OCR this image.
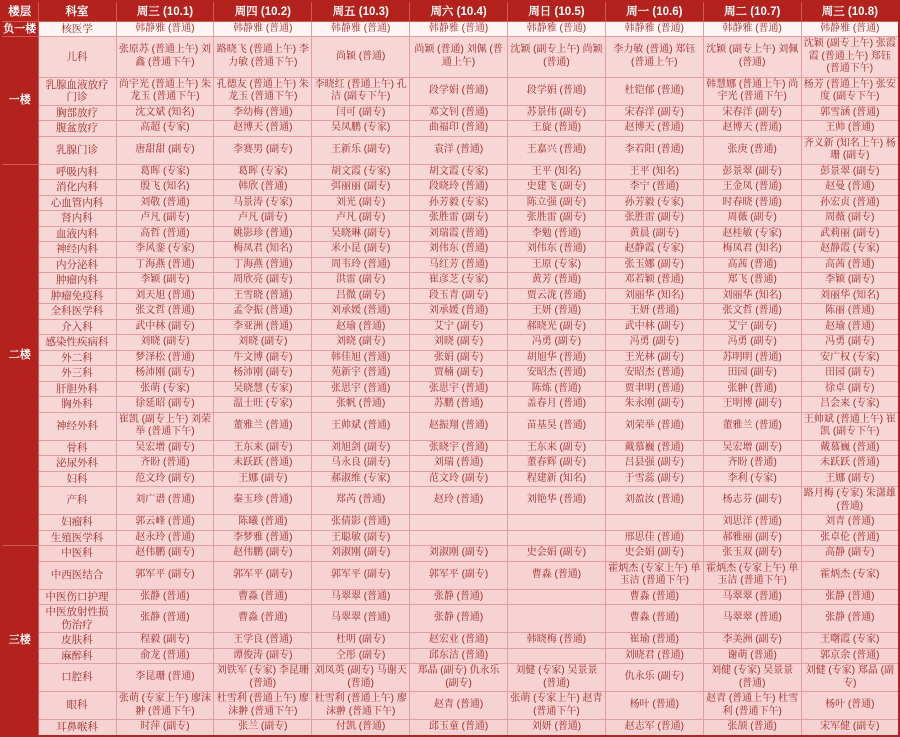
楼层	科室	周三 (10.1)	周四 (10.2)	周五 (10.3)	周六 (10.4)	周日 (10.5)	周一 (10.6)	周二 (10.7)	周三 (10.8)
负一楼	核医学	韩静雅 (普通)	韩静雅 (普通)	韩静雅 (普通)	韩静雅 (普通)	韩静雅 (普通)	韩静雅 (普通)	韩静雅 (普通)	韩静雅 (普通)
一楼	儿科	张原苏 (普通上午) 刘鑫 (普通下午)	路晓飞 (普通上午) 李力敏 (普通下午)	尚颖 (普通)	尚颖 (普通) 刘佩 (普通上午)	沈颖 (副专上午) 尚颖 (普通)	李力敏 (普通) 郑钰 (普通上午)	沈颖 (副专上午) 刘佩 (普通)	沈颖 (副专上午) 张霞霞 (普通上午) 郑钰 (普通下午)
	乳腺血液放疗门诊	尚宇光 (普通上午) 朱龙玉 (普通下午)	孔德友 (普通上午) 朱龙玉 (普通下午)	李晓红 (普通上午) 孔洁 (副专下午)	段学娟 (普通)	段学娟 (普通)	杜铠郁 (普通)	韩慧娜 (普通上午) 尚宇光 (普通下午)	杨芳 (普通上午) 张安度 (副专下午)
	胸部放疗	沈文斌 (知名)	李幼梅 (普通)	闫可 (副专)	邓文钊 (普通)	苏景伟 (副专)	宋春洋 (副专)	宋春洋 (副专)	郭雪涵 (普通)
	腹盆放疗	高超 (专家)	赵博天 (普通)	吴凤鹏 (专家)	曲福印 (普通)	王旋 (普通)	赵博天 (普通)	赵博天 (普通)	王帅 (普通)
	乳腺门诊	唐甜甜 (副专)	李赛男 (副专)	王新乐 (副专)	袁洋 (普通)	王嘉兴 (普通)	李若阳 (普通)	张庚 (普通)	齐义新 (知名上午) 杨珊 (副专)
二楼	呼吸内科	葛晖 (专家)	葛晖 (专家)	胡文霞 (专家)	胡文霞 (专家)	王平 (知名)	王平 (知名)	彭景翠 (副专)	彭景翠 (副专)
	消化内科	殷飞 (知名)	韩欣 (普通)	弭丽丽 (副专)	段晓玲 (普通)	史建飞 (副专)	李宁 (普通)	王金凤 (普通)	赵曼 (普通)
	心血管内科	刘敬 (普通)	马景涛 (专家)	刘光 (副专)	孙芳毅 (专家)	陈立强 (副专)	孙芳毅 (专家)	时春晓 (普通)	孙宏贞 (普通)
	肾内科	卢凡 (副专)	卢凡 (副专)	卢凡 (副专)	张胜雷 (副专)	张胜雷 (副专)	张胜雷 (副专)	周薇 (副专)	周薇 (副专)
	血液内科	高哲 (普通)	姚影珍 (普通)	吴晓琳 (副专)	刘瑞霞 (普通)	李勉 (普通)	黄晨 (副专)	赵桂敏 (专家)	武莉丽 (副专)
	神经内科	李风銮 (专家)	梅凤君 (知名)	米小昆 (副专)	刘伟东 (普通)	刘伟东 (普通)	赵静霞 (专家)	梅凤君 (知名)	赵静霞 (专家)
	内分泌科	丁海燕 (普通)	丁海燕 (普通)	周韦玲 (普通)	马红芳 (普通)	王原 (专家)	张玉娜 (副专)	高茜 (普通)	高茜 (普通)
	肿瘤内科	李颖 (副专)	周欣亮 (副专)	洪雷 (副专)	崔彦芝 (专家)	黄芳 (普通)	邓若颖 (普通)	郑飞 (普通)	李颖 (副专)
	肿瘤免疫科	刘天旭 (普通)	王雪晓 (普通)	吕微 (副专)	段玉青 (副专)	贾云泷 (普通)	刘丽华 (知名)	刘丽华 (知名)	刘丽华 (知名)
	全科医学科	张文哲 (普通)	孟令振 (普通)	刘承媛 (普通)	刘承媛 (普通)	王妍 (普通)	王妍 (普通)	张文哲 (普通)	陈丽 (普通)
	介入科	武中林 (副专)	李亚洲 (普通)	赵瑜 (普通)	艾宁 (副专)	郝晓光 (副专)	武中林 (副专)	艾宁 (副专)	赵瑜 (普通)
	感染性疾病科	刘晓 (副专)	刘晓 (副专)	刘晓 (副专)	刘晓 (副专)	冯勇 (副专)	冯勇 (副专)	冯勇 (副专)	冯勇 (副专)
	外二科	梦泽松 (普通)	牛文博 (副专)	韩佳旭 (普通)	张娟 (副专)	胡旭华 (普通)	王光林 (副专)	苏明明 (普通)	安广权 (专家)
	外三科	杨沛刚 (副专)	杨沛刚 (副专)	苑新宇 (普通)	贾楠 (副专)	安昭杰 (普通)	安昭杰 (普通)	田园 (副专)	田园 (副专)
	肝胆外科	张萌 (专家)	吴晓慧 (专家)	张思宇 (普通)	张思宇 (普通)	陈炼 (普通)	贾聿明 (普通)	张翀 (普通)	徐卓 (副专)
	胸外科	徐延昭 (副专)	温士旺 (专家)	张帆 (普通)	苏鹏 (普通)	盖春月 (普通)	朱永刚 (副专)	王明博 (副专)	吕会来 (专家)
	神经外科	崔凯 (副专上午) 刘荣举 (普通下午)	董雅兰 (普通)	王帅斌 (普通)	赵振翔 (普通)	苗基昊 (普通)	刘荣举 (普通)	董雅兰 (普通)	王帅斌 (普通上午) 崔凯 (副专下午)
	骨科	吴宏增 (副专)	王东来 (副专)	刘旭剑 (副专)	张晓宇 (普通)	王东来 (副专)	戴慕巍 (普通)	吴宏增 (副专)	戴慕巍 (普通)
	泌尿外科	齐盼 (普通)	未跃跃 (普通)	马永良 (副专)	刘瑞 (普通)	董春辉 (副专)	吕县强 (副专)	齐盼 (普通)	未跃跃 (普通)
	妇科	范文玲 (副专)	王娜 (副专)	郝淑维 (专家)	范文玲 (副专)	程建新 (知名)	于雪蕊 (副专)	李利 (专家)	王娜 (副专)
	产科	刘广谱 (普通)	秦玉珍 (普通)	郑芮 (普通)	赵玲 (普通)	刘艳华 (普通)	刘盈汝 (普通)	杨志芬 (副专)	路月梅 (专家) 朱潇雄 (普通)
	妇瘤科	郭云峰 (普通)	陈曦 (普通)	张倩影 (普通)				刘思洋 (普通)	刘青 (普通)
	生殖医学科	赵永玲 (普通)	李梦雅 (普通)	王聪敏 (副专)			邢思佳 (普通)	郝雅丽 (副专)	张卓伦 (普通)
三楼	中医科	赵伟鹏 (副专)	赵伟鹏 (副专)	刘淑刚 (副专)	刘淑刚 (副专)	史会娟 (副专)	史会娟 (副专)	张玉双 (副专)	高静 (副专)
	中西医结合	郭军平 (副专)	郭军平 (副专)	郭军平 (副专)	郭军平 (副专)	曹淼 (普通)	霍炳杰 (专家上午) 单玉洁 (普通下午)	霍炳杰 (专家上午) 单玉洁 (普通下午)	霍炳杰 (专家)
	中医伤口护理	张静 (普通)	曹淼 (普通)	马翠翠 (普通)	张静 (普通)		曹淼 (普通)	马翠翠 (普通)	张静 (普通)
	中医放射性损伤治疗	张静 (普通)	曹淼 (普通)	马翠翠 (普通)	张静 (普通)		曹淼 (普通)	马翠翠 (普通)	张静 (普通)
	皮肤科	程毅 (副专)	王学良 (普通)	杜明 (副专)	赵宏业 (普通)	韩晓梅 (普通)	崔瑜 (普通)	李美洲 (副专)	王曙霞 (专家)
	麻醉科	俞龙 (普通)	谭俊涛 (副专)	仝彤 (副专)	邱东洁 (普通)		刘晓君 (普通)	谢萌 (普通)	郭京余 (普通)
	口腔科	李昆珊 (普通)	刘铁军 (专家) 李昆珊 (普通)	刘凤英 (副专) 马谢天 (普通)	郑晶 (副专) 仇永乐 (副专)	刘健 (专家) 吴景景 (普通)	仇永乐 (副专)	刘健 (专家) 吴景景 (普通)	刘健 (专家) 郑晶 (副专)
	眼科	张萌 (专家上午) 廖沫翀 (普通下午)	杜雪利 (普通上午) 廖沫翀 (普通下午)	杜雪利 (普通上午) 廖沫翀 (普通下午)	赵青 (普通)	张萌 (专家上午) 赵青 (普通下午)	杨叶 (普通)	赵青 (普通上午) 杜雪利 (普通下午)	杨叶 (普通)
	耳鼻喉科	时萍 (副专)	张兰 (副专)	付凯 (普通)	邱玉童 (普通)	刘妍 (普通)	赵志军 (普通)	张颉 (普通)	宋军健 (副专)
